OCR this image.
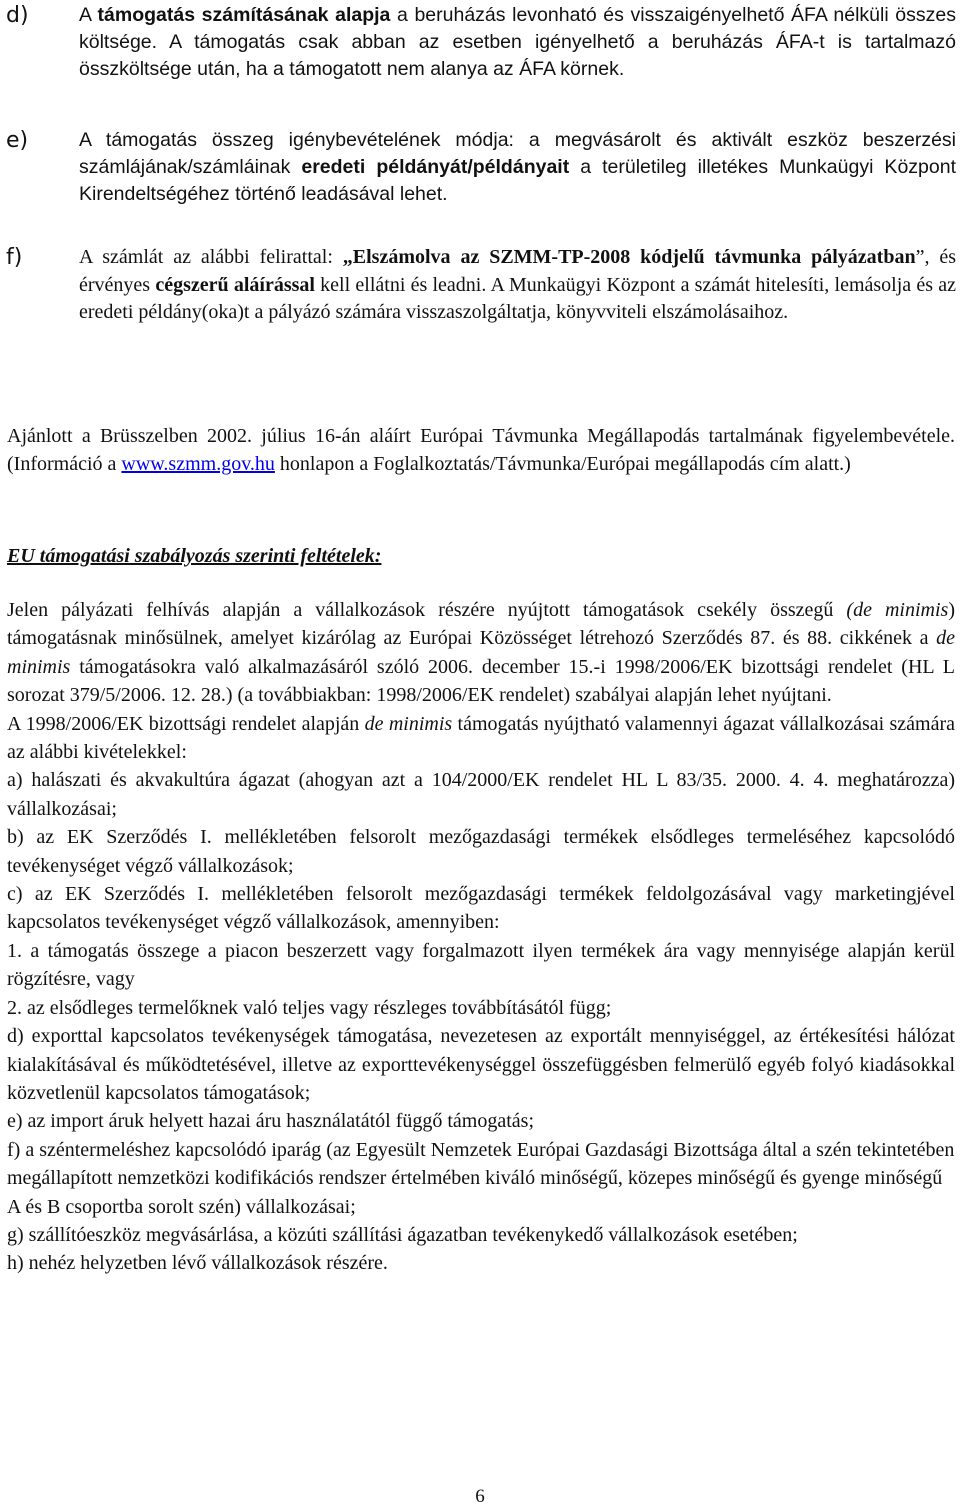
d)	A támogatás számításának alapja a beruházás levonható és visszaigényelhető ÁFA nélküli összes költsége. A támogatás csak abban az esetben igényelhető a beruházás ÁFA-t is tartalmazó összköltsége után, ha a támogatott nem alanya az ÁFA körnek.
e)	A támogatás összeg igénybevételének módja: a megvásárolt és aktivált eszköz beszerzési számlájának/számláinak eredeti példányát/példányait a területileg illetékes Munkaügyi Központ Kirendeltségéhez történő leadásával lehet.
f)	A számlát az alábbi felirattal: „Elszámolva az SZMM-TP-2008 kódjelű távmunka pályázatban”, és érvényes cégszerű aláírással kell ellátni és leadni. A Munkaügyi Központ a számát hitelesíti, lemásolja és az eredeti példány(oka)t a pályázó számára visszaszolgáltatja, könyvviteli elszámolásaihoz.
Ajánlott a Brüsszelben 2002. július 16-án aláírt Európai Távmunka Megállapodás tartalmának figyelembevétele. (Információ a www.szmm.gov.hu honlapon a Foglalkoztatás/Távmunka/Európai megállapodás cím alatt.)
EU támogatási szabályozás szerinti feltételek:

Jelen pályázati felhívás alapján a vállalkozások részére nyújtott támogatások csekély összegű (de minimis) támogatásnak minősülnek, amelyet kizárólag az Európai Közösséget létrehozó Szerződés 87. és 88. cikkének a de minimis támogatásokra való alkalmazásáról szóló 2006. december 15.-i 1998/2006/EK bizottsági rendelet (HL L sorozat 379/5/2006. 12. 28.) (a továbbiakban: 1998/2006/EK rendelet) szabályai alapján lehet nyújtani.

A 1998/2006/EK bizottsági rendelet alapján de minimis támogatás nyújtható valamennyi ágazat vállalkozásai számára az alábbi kivételekkel:

a) halászati és akvakultúra ágazat (ahogyan azt a 104/2000/EK rendelet HL L 83/35. 2000. 4. 4. meghatározza) vállalkozásai;

b) az EK Szerződés I. mellékletében felsorolt mezőgazdasági termékek elsődleges termeléséhez kapcsolódó tevékenységet végző vállalkozások;

c) az EK Szerződés I. mellékletében felsorolt mezőgazdasági termékek feldolgozásával vagy marketingjével kapcsolatos tevékenységet végző vállalkozások, amennyiben:

1. a támogatás összege a piacon beszerzett vagy forgalmazott ilyen termékek ára vagy mennyisége alapján kerül rögzítésre, vagy

2. az elsődleges termelőknek való teljes vagy részleges továbbításától függ;

d) exporttal kapcsolatos tevékenységek támogatása, nevezetesen az exportált mennyiséggel, az értékesítési hálózat kialakításával és működtetésével, illetve az exporttevékenységgel összefüggésben felmerülő egyéb folyó kiadásokkal közvetlenül kapcsolatos támogatások;

e) az import áruk helyett hazai áru használatától függő támogatás;

f) a széntermeléshez kapcsolódó iparág (az Egyesült Nemzetek Európai Gazdasági Bizottsága által a szén tekintetében megállapított nemzetközi kodifikációs rendszer értelmében kiváló minőségű, közepes minőségű és gyenge minőségű A és B csoportba sorolt szén) vállalkozásai;

g) szállítóeszköz megvásárlása, a közúti szállítási ágazatban tevékenykedő vállalkozások esetében;

h) nehéz helyzetben lévő vállalkozások részére.

6
